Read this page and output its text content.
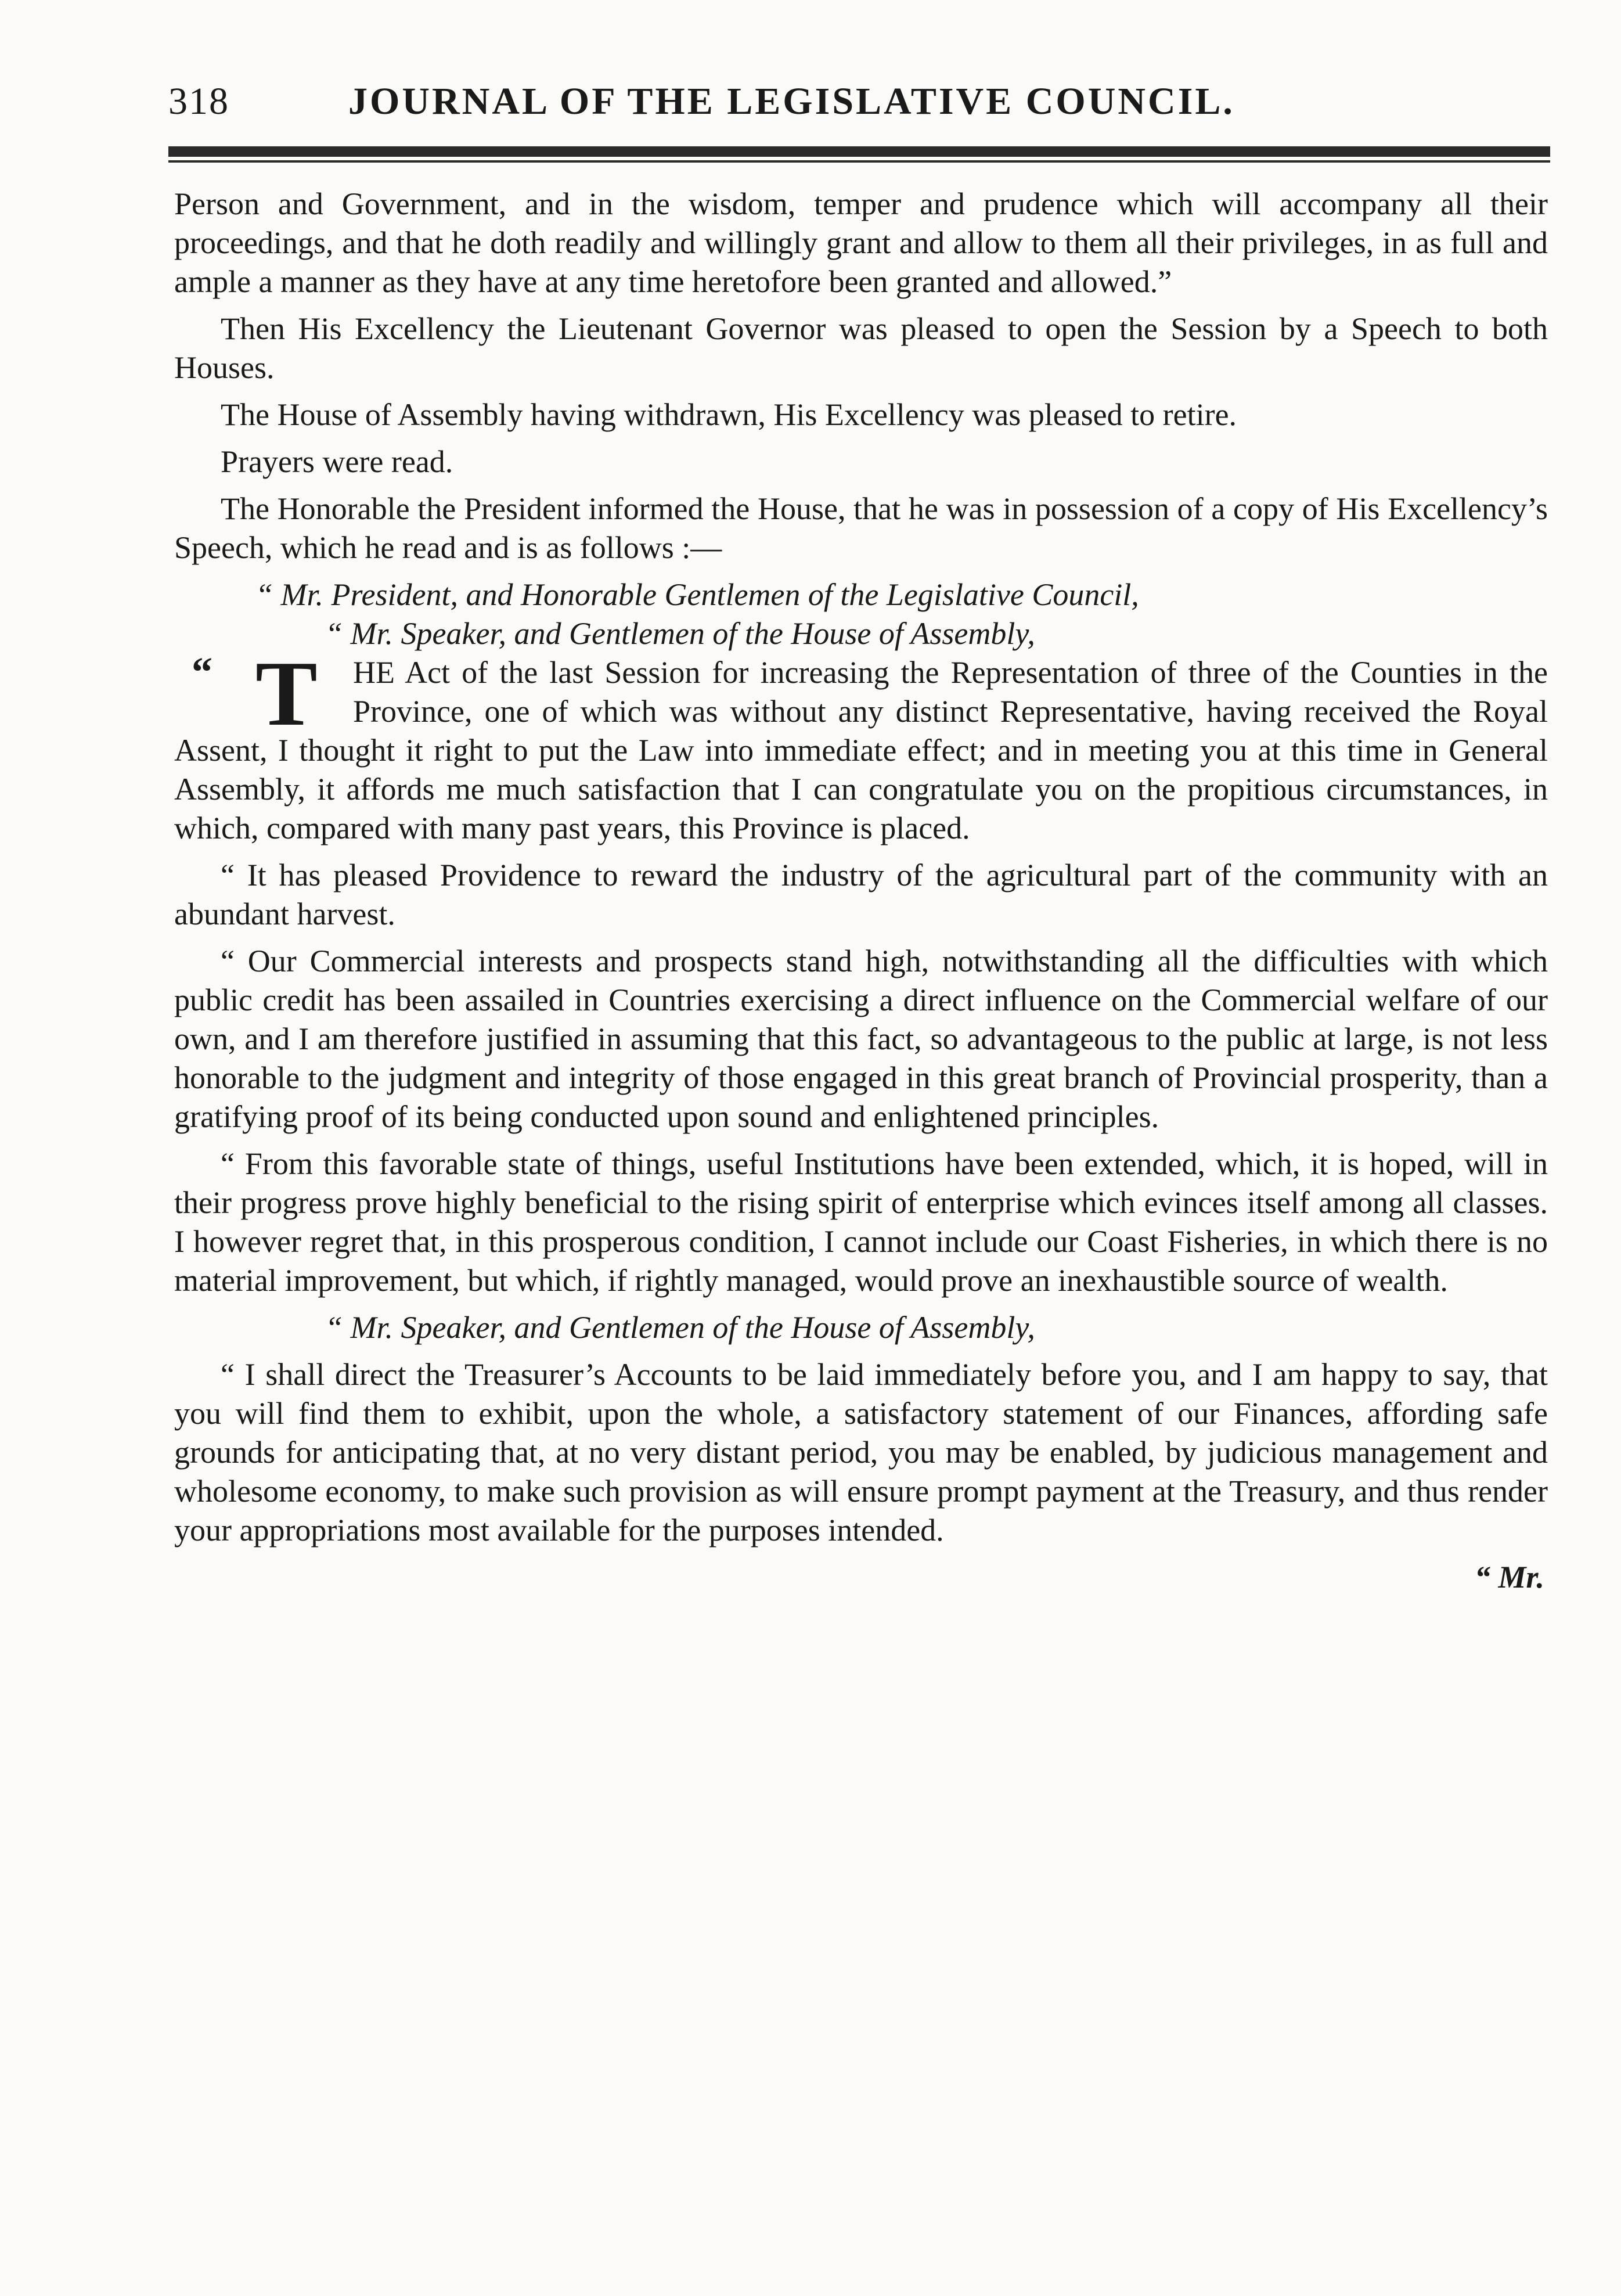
318	JOURNAL OF THE LEGISLATIVE COUNCIL.

Person and Government, and in the wisdom, temper and prudence which will accompany all their proceedings, and that he doth readily and willingly grant and allow to them all their privileges, in as full and ample a manner as they have at any time heretofore been granted and allowed.”

Then His Excellency the Lieutenant Governor was pleased to open the Session by a Speech to both Houses.

The House of Assembly having withdrawn, His Excellency was pleased to retire.

Prayers were read.

The Honorable the President informed the House, that he was in possession of a copy of His Excellency’s Speech, which he read and is as follows :—

“ Mr. President, and Honorable Gentlemen of the Legislative Council,

“ Mr. Speaker, and Gentlemen of the House of Assembly,

“ T HE Act of the last Session for increasing the Representation of three of the Counties in the Province, one of which was without any distinct Representative, having received the Royal Assent, I thought it right to put the Law into immediate effect; and in meeting you at this time in General Assembly, it affords me much satisfaction that I can congratulate you on the propitious circumstances, in which, compared with many past years, this Province is placed.

“ It has pleased Providence to reward the industry of the agricultural part of the community with an abundant harvest.

“ Our Commercial interests and prospects stand high, notwithstanding all the difficulties with which public credit has been assailed in Countries exercising a direct influence on the Commercial welfare of our own, and I am therefore justified in assuming that this fact, so advantageous to the public at large, is not less honorable to the judgment and integrity of those engaged in this great branch of Provincial prosperity, than a gratifying proof of its being conducted upon sound and enlightened principles.

“ From this favorable state of things, useful Institutions have been extended, which, it is hoped, will in their progress prove highly beneficial to the rising spirit of enterprise which evinces itself among all classes. I however regret that, in this prosperous condition, I cannot include our Coast Fisheries, in which there is no material improvement, but which, if rightly managed, would prove an inexhaustible source of wealth.

“ Mr. Speaker, and Gentlemen of the House of Assembly,

“ I shall direct the Treasurer’s Accounts to be laid immediately before you, and I am happy to say, that you will find them to exhibit, upon the whole, a satisfactory statement of our Finances, affording safe grounds for anticipating that, at no very distant period, you may be enabled, by judicious management and wholesome economy, to make such provision as will ensure prompt payment at the Treasury, and thus render your appropriations most available for the purposes intended.

“ Mr.
